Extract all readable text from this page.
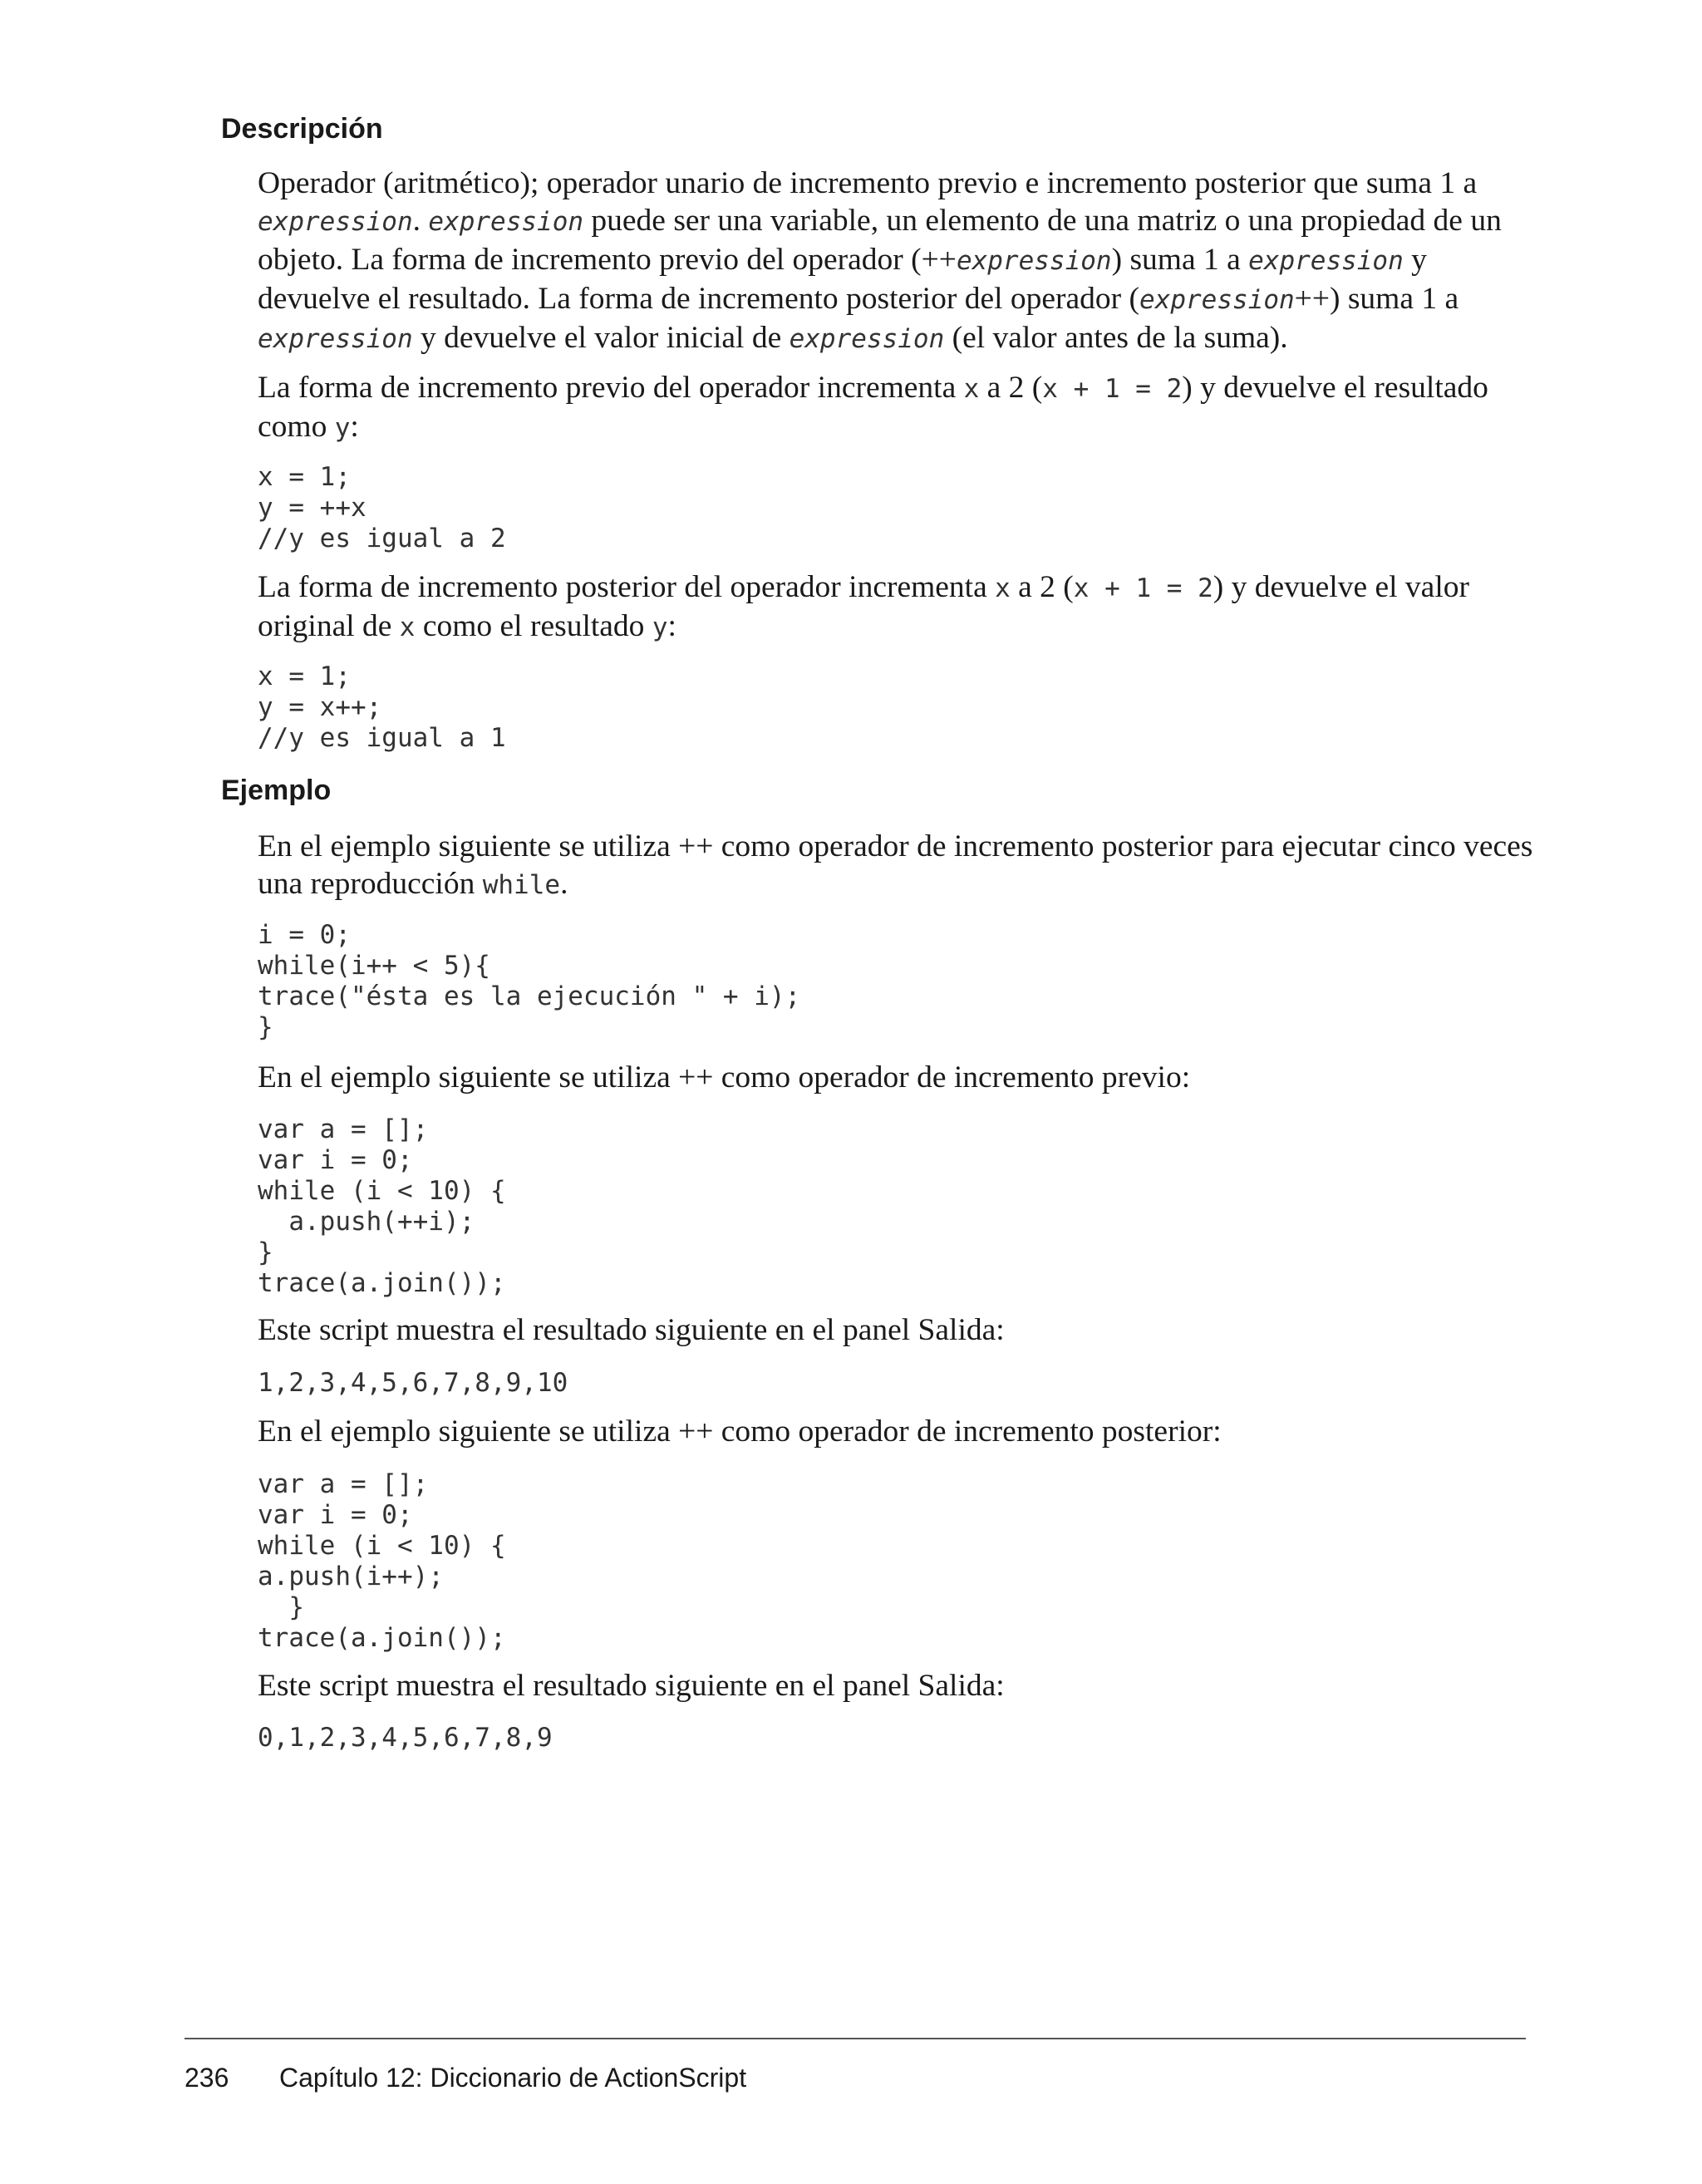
Descripción

Operador (aritmético); operador unario de incremento previo e incremento posterior que suma 1 a expression. expression puede ser una variable, un elemento de una matriz o una propiedad de un objeto. La forma de incremento previo del operador (++expression) suma 1 a expression y devuelve el resultado. La forma de incremento posterior del operador (expression++) suma 1 a expression y devuelve el valor inicial de expression (el valor antes de la suma).

La forma de incremento previo del operador incrementa x a 2 (x + 1 = 2) y devuelve el resultado como y:

x = 1;
y = ++x
//y es igual a 2

La forma de incremento posterior del operador incrementa x a 2 (x + 1 = 2) y devuelve el valor original de x como el resultado y:

x = 1;
y = x++;
//y es igual a 1
Ejemplo

En el ejemplo siguiente se utiliza ++ como operador de incremento posterior para ejecutar cinco veces una reproducción while.

i = 0;
while(i++ < 5){
trace("ésta es la ejecución " + i);
}

En el ejemplo siguiente se utiliza ++ como operador de incremento previo:

var a = [];
var i = 0;
while (i < 10) {
a.push(++i);
}
trace(a.join());

Este script muestra el resultado siguiente en el panel Salida:

1,2,3,4,5,6,7,8,9,10

En el ejemplo siguiente se utiliza ++ como operador de incremento posterior:

var a = [];
var i = 0;
while (i < 10) {
a.push(i++);
}
trace(a.join());

Este script muestra el resultado siguiente en el panel Salida:

0,1,2,3,4,5,6,7,8,9
236 Capítulo 12: Diccionario de ActionScript
